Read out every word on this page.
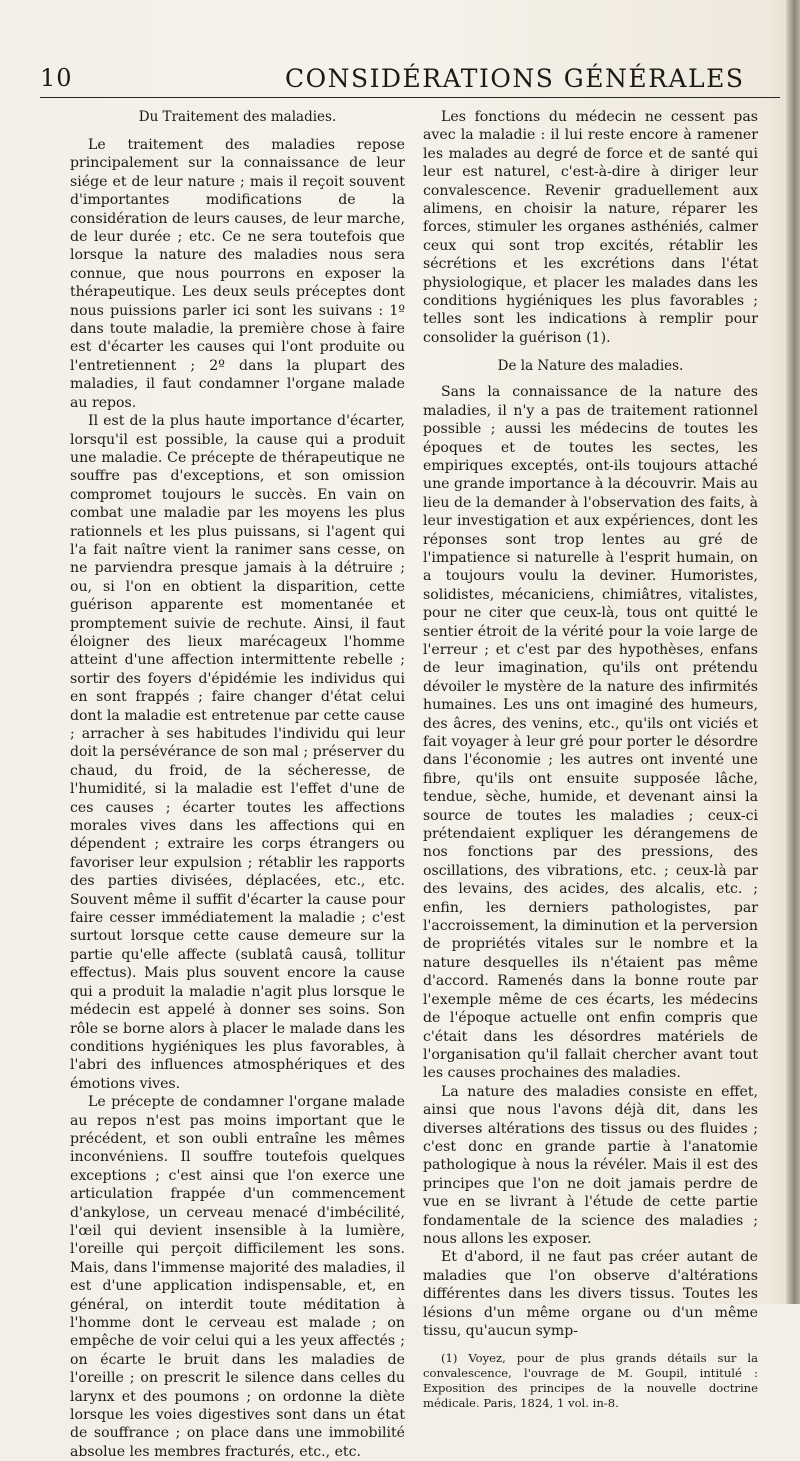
10	CONSIDÉRATIONS GÉNÉRALES
Du Traitement des maladies.

Le traitement des maladies repose principalement sur la connaissance de leur siége et de leur nature ; mais il reçoit souvent d'importantes modifications de la considération de leurs causes, de leur marche, de leur durée ; etc. Ce ne sera toutefois que lorsque la nature des maladies nous sera connue, que nous pourrons en exposer la thérapeutique. Les deux seuls préceptes dont nous puissions parler ici sont les suivans : 1º dans toute maladie, la première chose à faire est d'écarter les causes qui l'ont produite ou l'entretiennent ; 2º dans la plupart des maladies, il faut condamner l'organe malade au repos.

Il est de la plus haute importance d'écarter, lorsqu'il est possible, la cause qui a produit une maladie. Ce précepte de thérapeutique ne souffre pas d'exceptions, et son omission compromet toujours le succès. En vain on combat une maladie par les moyens les plus rationnels et les plus puissans, si l'agent qui l'a fait naître vient la ranimer sans cesse, on ne parviendra presque jamais à la détruire ; ou, si l'on en obtient la disparition, cette guérison apparente est momentanée et promptement suivie de rechute. Ainsi, il faut éloigner des lieux marécageux l'homme atteint d'une affection intermittente rebelle ; sortir des foyers d'épidémie les individus qui en sont frappés ; faire changer d'état celui dont la maladie est entretenue par cette cause ; arracher à ses habitudes l'individu qui leur doit la persévérance de son mal ; préserver du chaud, du froid, de la sécheresse, de l'humidité, si la maladie est l'effet d'une de ces causes ; écarter toutes les affections morales vives dans les affections qui en dépendent ; extraire les corps étrangers ou favoriser leur expulsion ; rétablir les rapports des parties divisées, déplacées, etc., etc. Souvent même il suffit d'écarter la cause pour faire cesser immédiatement la maladie ; c'est surtout lorsque cette cause demeure sur la partie qu'elle affecte (sublatâ causâ, tollitur effectus). Mais plus souvent encore la cause qui a produit la maladie n'agit plus lorsque le médecin est appelé à donner ses soins. Son rôle se borne alors à placer le malade dans les conditions hygiéniques les plus favorables, à l'abri des influences atmosphériques et des émotions vives.

Le précepte de condamner l'organe malade au repos n'est pas moins important que le précédent, et son oubli entraîne les mêmes inconvéniens. Il souffre toutefois quelques exceptions ; c'est ainsi que l'on exerce une articulation frappée d'un commencement d'ankylose, un cerveau menacé d'imbécilité, l'œil qui devient insensible à la lumière, l'oreille qui perçoit difficilement les sons. Mais, dans l'immense majorité des maladies, il est d'une application indispensable, et, en général, on interdit toute méditation à l'homme dont le cerveau est malade ; on empêche de voir celui qui a les yeux affectés ; on écarte le bruit dans les maladies de l'oreille ; on prescrit le silence dans celles du larynx et des poumons ; on ordonne la diète lorsque les voies digestives sont dans un état de souffrance ; on place dans une immobilité absolue les membres fracturés, etc., etc.

Les fonctions du médecin ne cessent pas avec la maladie : il lui reste encore à ramener les malades au degré de force et de santé qui leur est naturel, c'est-à-dire à diriger leur convalescence. Revenir graduellement aux alimens, en choisir la nature, réparer les forces, stimuler les organes asthéniés, calmer ceux qui sont trop excités, rétablir les sécrétions et les excrétions dans l'état physiologique, et placer les malades dans les conditions hygiéniques les plus favorables ; telles sont les indications à remplir pour consolider la guérison (1).

De la Nature des maladies.

Sans la connaissance de la nature des maladies, il n'y a pas de traitement rationnel possible ; aussi les médecins de toutes les époques et de toutes les sectes, les empiriques exceptés, ont-ils toujours attaché une grande importance à la découvrir. Mais au lieu de la demander à l'observation des faits, à leur investigation et aux expériences, dont les réponses sont trop lentes au gré de l'impatience si naturelle à l'esprit humain, on a toujours voulu la deviner. Humoristes, solidistes, mécaniciens, chimiâtres, vitalistes, pour ne citer que ceux-là, tous ont quitté le sentier étroit de la vérité pour la voie large de l'erreur ; et c'est par des hypothèses, enfans de leur imagination, qu'ils ont prétendu dévoiler le mystère de la nature des infirmités humaines. Les uns ont imaginé des humeurs, des âcres, des venins, etc., qu'ils ont viciés et fait voyager à leur gré pour porter le désordre dans l'économie ; les autres ont inventé une fibre, qu'ils ont ensuite supposée lâche, tendue, sèche, humide, et devenant ainsi la source de toutes les maladies ; ceux-ci prétendaient expliquer les dérangemens de nos fonctions par des pressions, des oscillations, des vibrations, etc. ; ceux-là par des levains, des acides, des alcalis, etc. ; enfin, les derniers pathologistes, par l'accroissement, la diminution et la perversion de propriétés vitales sur le nombre et la nature desquelles ils n'étaient pas même d'accord. Ramenés dans la bonne route par l'exemple même de ces écarts, les médecins de l'époque actuelle ont enfin compris que c'était dans les désordres matériels de l'organisation qu'il fallait chercher avant tout les causes prochaines des maladies.

La nature des maladies consiste en effet, ainsi que nous l'avons déjà dit, dans les diverses altérations des tissus ou des fluides ; c'est donc en grande partie à l'anatomie pathologique à nous la révéler. Mais il est des principes que l'on ne doit jamais perdre de vue en se livrant à l'étude de cette partie fondamentale de la science des maladies ; nous allons les exposer.

Et d'abord, il ne faut pas créer autant de maladies que l'on observe d'altérations différentes dans les divers tissus. Toutes les lésions d'un même organe ou d'un même tissu, qu'aucun symp-

(1) Voyez, pour de plus grands détails sur la convalescence, l'ouvrage de M. Goupil, intitulé : Exposition des principes de la nouvelle doctrine médicale. Paris, 1824, 1 vol. in-8.
